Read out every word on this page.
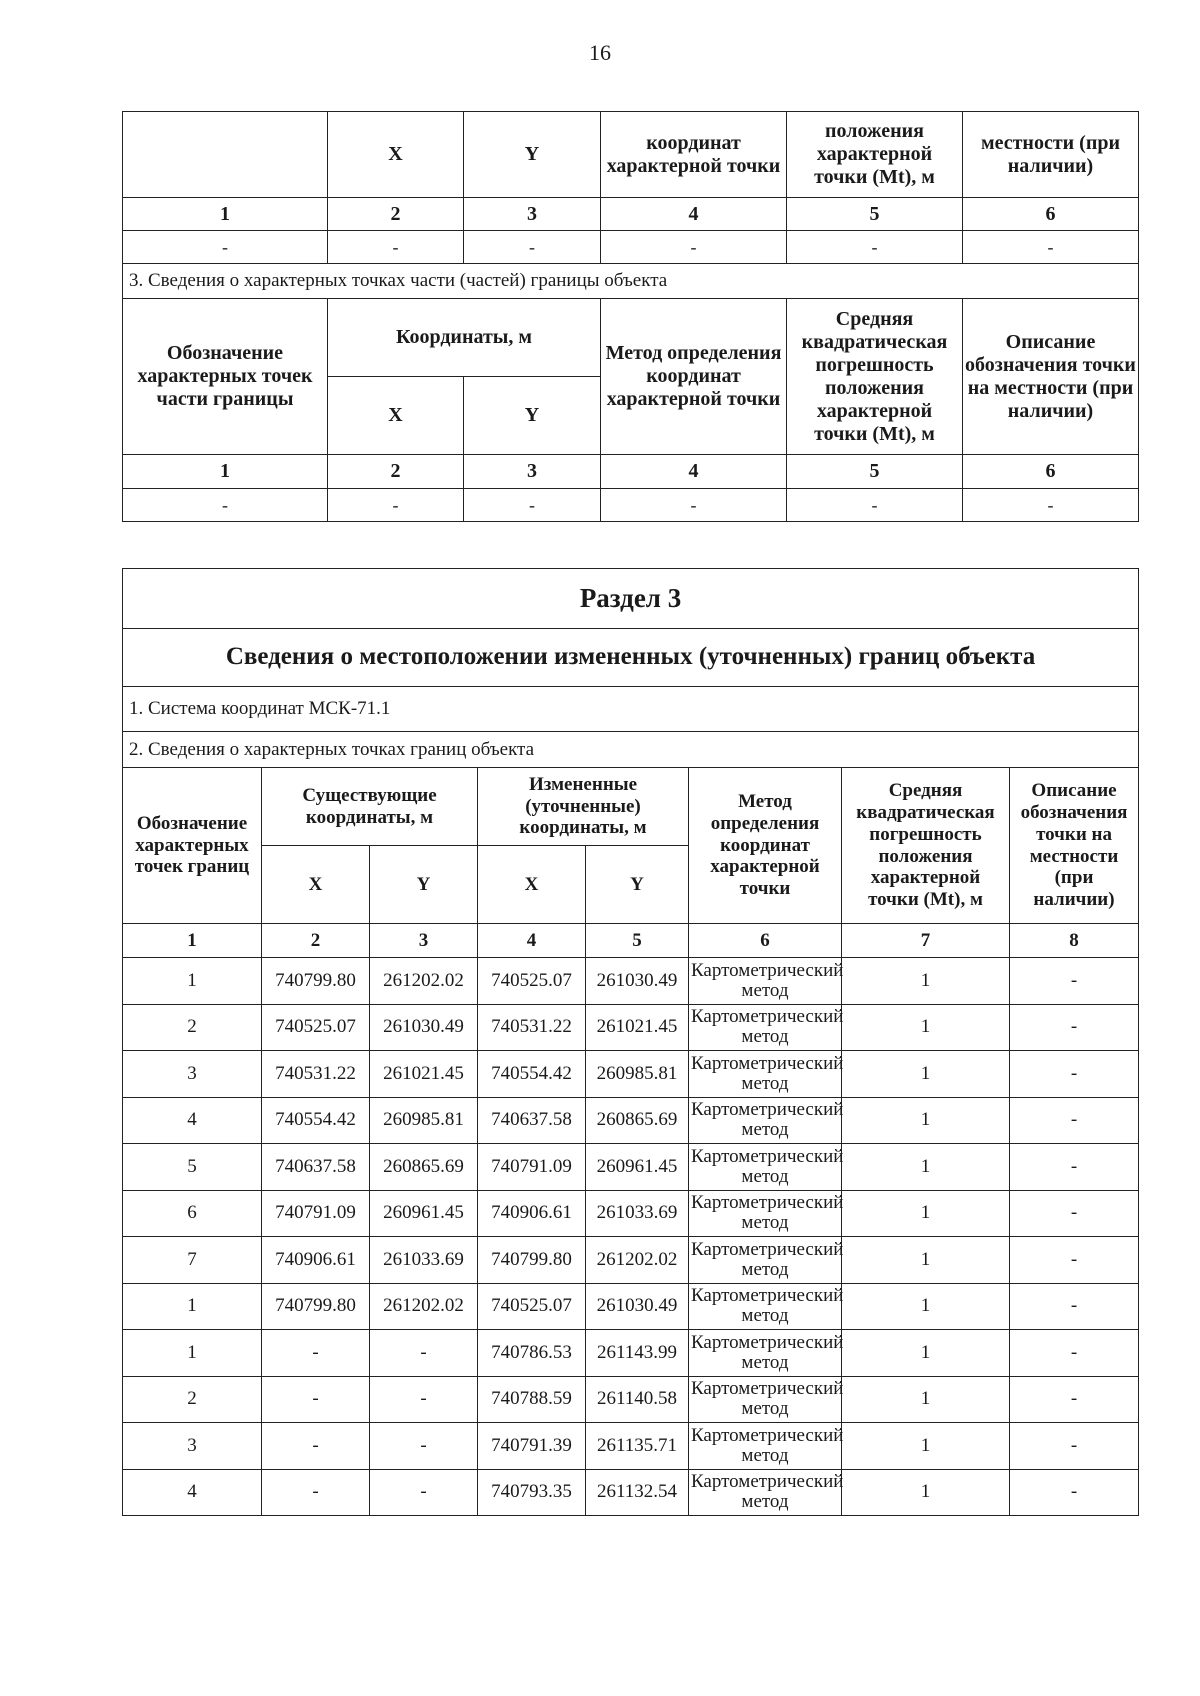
16
	X	Y	координат характерной точки	положения характерной точки (Mt), м	местности (при наличии)
1	2	3	4	5	6
-	-	-	-	-	-
3. Сведения о характерных точках части (частей) границы объекта					
Обозначение характерных точек части границы	Координаты, м		Метод определения координат характерной точки	Средняя квадратическая погрешность положения характерной точки (Mt), м	Описание обозначения точки на местности (при наличии)
	X	Y			
1	2	3	4	5	6
-	-	-	-	-	-
Раздел 3							
Сведения о местоположении измененных (уточненных) границ объекта							
1. Система координат МСК-71.1							
2. Сведения о характерных точках границ объекта							
Обозначение характерных точек границ	Существующие координаты, м		Измененные (уточненные) координаты, м		Метод определения координат характерной точки	Средняя квадратическая погрешность положения характерной точки (Mt), м	Описание обозначения точки на местности (при наличии)
	X	Y	X	Y			
1	2	3	4	5	6	7	8
1	740799.80	261202.02	740525.07	261030.49	Картометрический метод	1	-
2	740525.07	261030.49	740531.22	261021.45	Картометрический метод	1	-
3	740531.22	261021.45	740554.42	260985.81	Картометрический метод	1	-
4	740554.42	260985.81	740637.58	260865.69	Картометрический метод	1	-
5	740637.58	260865.69	740791.09	260961.45	Картометрический метод	1	-
6	740791.09	260961.45	740906.61	261033.69	Картометрический метод	1	-
7	740906.61	261033.69	740799.80	261202.02	Картометрический метод	1	-
1	740799.80	261202.02	740525.07	261030.49	Картометрический метод	1	-
1	-	-	740786.53	261143.99	Картометрический метод	1	-
2	-	-	740788.59	261140.58	Картометрический метод	1	-
3	-	-	740791.39	261135.71	Картометрический метод	1	-
4	-	-	740793.35	261132.54	Картометрический метод	1	-
